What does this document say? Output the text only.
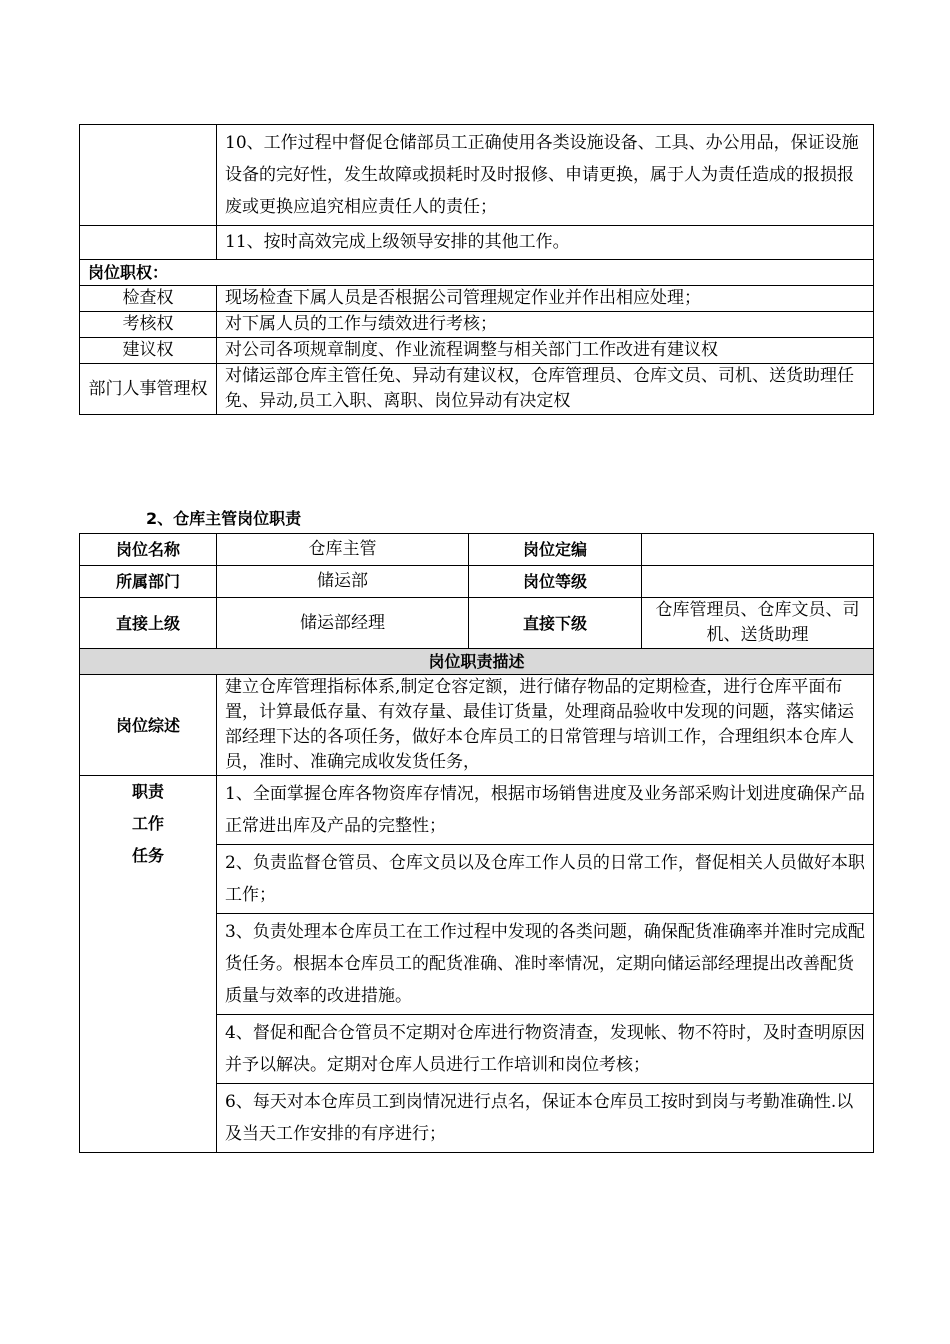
	10、工作过程中督促仓储部员工正确使用各类设施设备、工具、办公用品，保证设施设备的完好性，发生故障或损耗时及时报修、申请更换，属于人为责任造成的报损报废或更换应追究相应责任人的责任；
	11、按时高效完成上级领导安排的其他工作。
岗位职权：	
检查权	现场检查下属人员是否根据公司管理规定作业并作出相应处理；
考核权	对下属人员的工作与绩效进行考核；
建议权	对公司各项规章制度、作业流程调整与相关部门工作改进有建议权
部门人事管理权	对储运部仓库主管任免、异动有建议权，仓库管理员、仓库文员、司机、送货助理任免、异动,员工入职、离职、岗位异动有决定权
2、仓库主管岗位职责
岗位名称	仓库主管	岗位定编	
所属部门	储运部	岗位等级	
直接上级	储运部经理	直接下级	仓库管理员、仓库文员、司机、送货助理
岗位职责描述			
岗位综述	建立仓库管理指标体系,制定仓容定额，进行储存物品的定期检查，进行仓库平面布置，计算最低存量、有效存量、最佳订货量，处理商品验收中发现的问题，落实储运部经理下达的各项任务，做好本仓库员工的日常管理与培训工作，合理组织本仓库人员，准时、准确完成收发货任务，		

职责
工作
任务	1、全面掌握仓库各物资库存情况，根据市场销售进度及业务部采购计划进度确保产品正常进出库及产品的完整性；		
	2、负责监督仓管员、仓库文员以及仓库工作人员的日常工作，督促相关人员做好本职工作；		
	3、负责处理本仓库员工在工作过程中发现的各类问题，确保配货准确率并准时完成配货任务。根据本仓库员工的配货准确、准时率情况，定期向储运部经理提出改善配货质量与效率的改进措施。		
	4、督促和配合仓管员不定期对仓库进行物资清查，发现帐、物不符时，及时查明原因并予以解决。定期对仓库人员进行工作培训和岗位考核；		
	6、每天对本仓库员工到岗情况进行点名，保证本仓库员工按时到岗与考勤准确性.以及当天工作安排的有序进行；		
